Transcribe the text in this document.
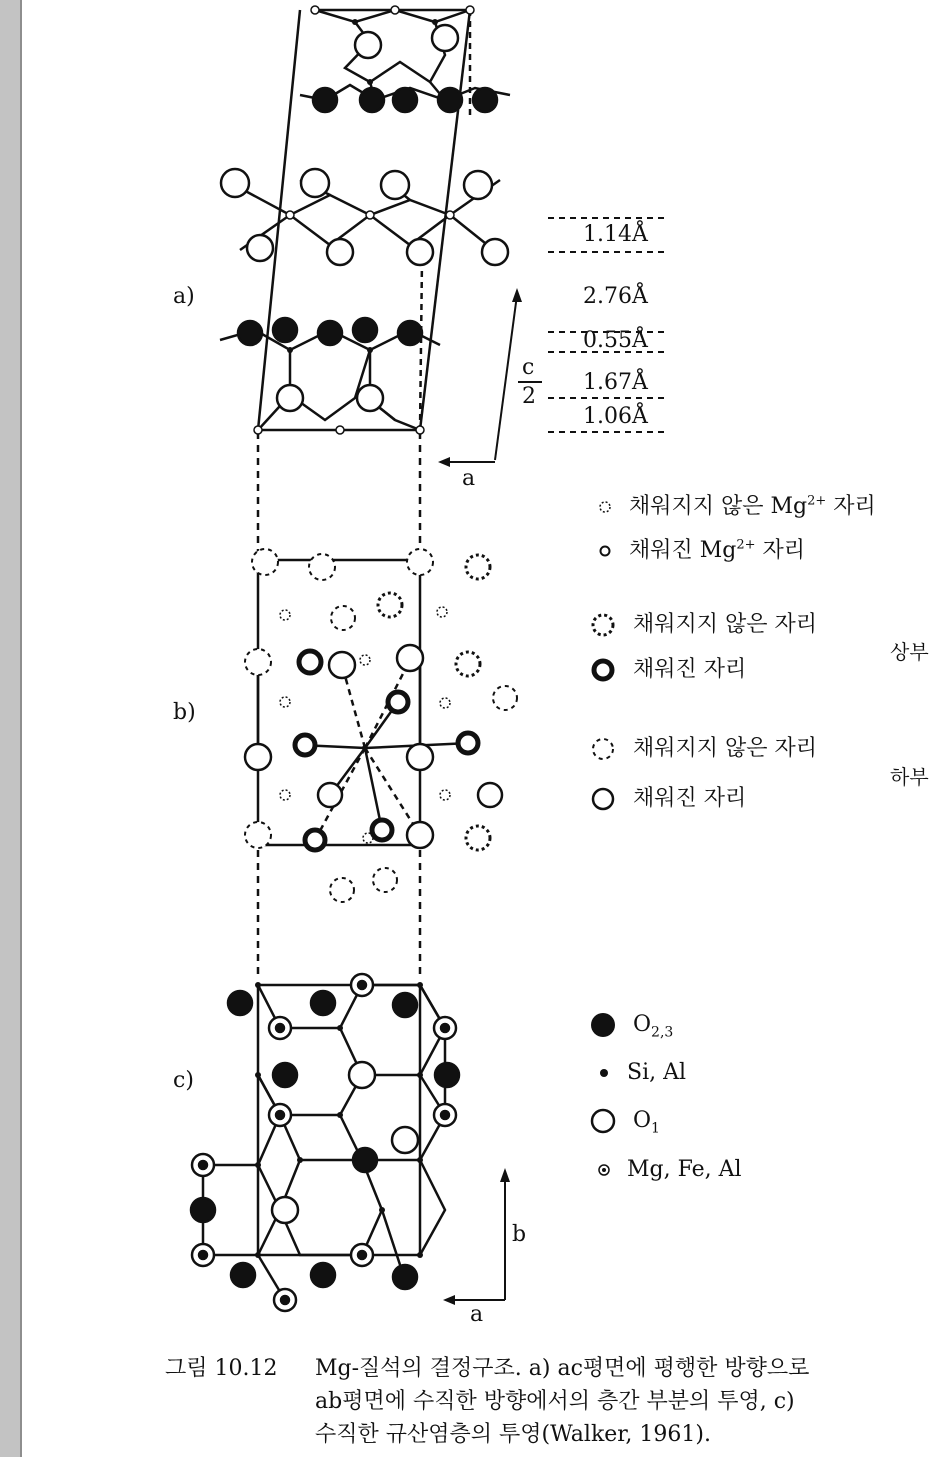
a)
b)
c)
1.14Å
2.76Å
0.55Å
1.67Å
1.06Å
c
2
a
a
b
채워지지 않은 $Mg^{2+}$ 자리
채워진 $Mg^{2+}$ 자리
채워지지 않은 자리
채워진 자리
상부
채워지지 않은 자리
채워진 자리
하부
$O_{2,3}$
Si, Al
$O_1$
Mg, Fe, Al
그림 10.12 Mg-질석의 결정구조. a) ac평면에 평행한 방향으로
ab평면에 수직한 방향에서의 층간 부분의 투영, c)
수직한 규산염층의 투영(Walker, 1961).
